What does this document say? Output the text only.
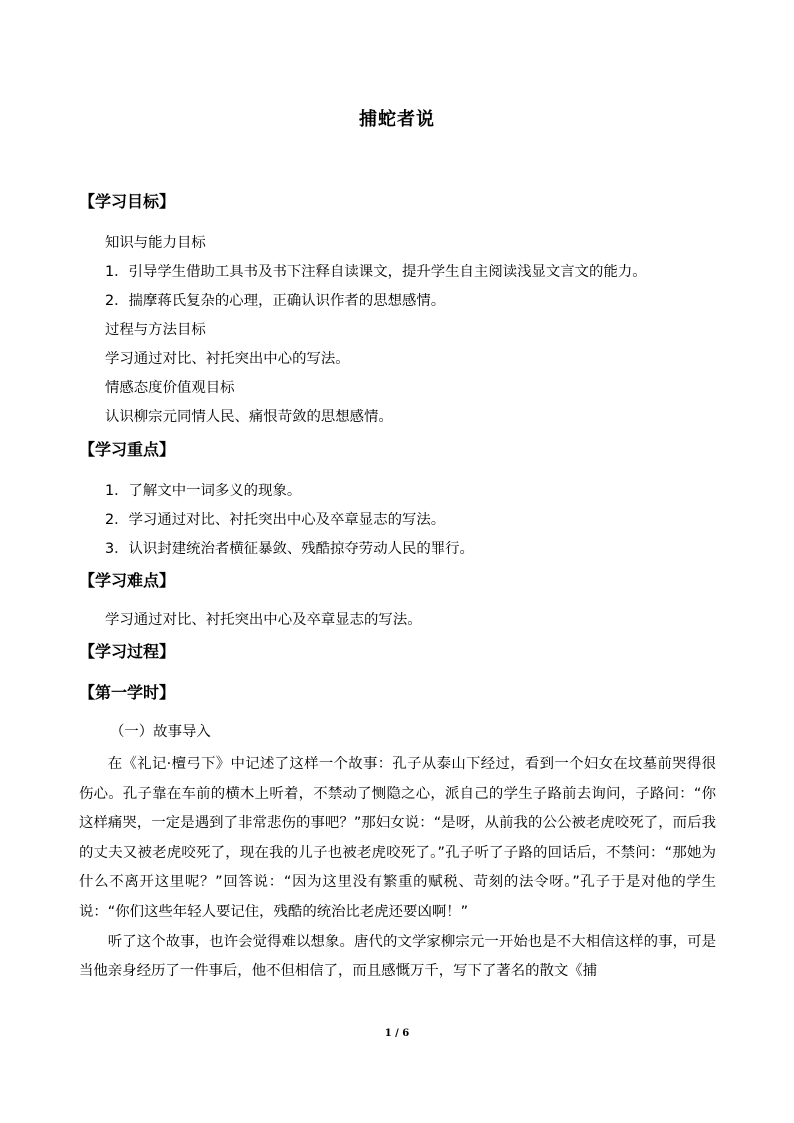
捕蛇者说
【学习目标】
知识与能力目标
1．引导学生借助工具书及书下注释自读课文，提升学生自主阅读浅显文言文的能力。
2．揣摩蒋氏复杂的心理，正确认识作者的思想感情。
过程与方法目标
学习通过对比、衬托突出中心的写法。
情感态度价值观目标
认识柳宗元同情人民、痛恨苛敛的思想感情。
【学习重点】
1．了解文中一词多义的现象。
2．学习通过对比、衬托突出中心及卒章显志的写法。
3．认识封建统治者横征暴敛、残酷掠夺劳动人民的罪行。
【学习难点】
学习通过对比、衬托突出中心及卒章显志的写法。
【学习过程】
【第一学时】
（一）故事导入

在《礼记·檀弓下》中记述了这样一个故事：孔子从泰山下经过，看到一个妇女在坟墓前哭得很伤心。孔子靠在车前的横木上听着，不禁动了恻隐之心，派自己的学生子路前去询问，子路问：“你这样痛哭，一定是遇到了非常悲伤的事吧？”那妇女说：“是呀，从前我的公公被老虎咬死了，而后我的丈夫又被老虎咬死了，现在我的儿子也被老虎咬死了。”孔子听了子路的回话后，不禁问：“那她为什么不离开这里呢？”回答说：“因为这里没有繁重的赋税、苛刻的法令呀。”孔子于是对他的学生说：“你们这些年轻人要记住，残酷的统治比老虎还要凶啊！”

听了这个故事，也许会觉得难以想象。唐代的文学家柳宗元一开始也是不大相信这样的事，可是当他亲身经历了一件事后，他不但相信了，而且感慨万千，写下了著名的散文《捕

1 / 6
